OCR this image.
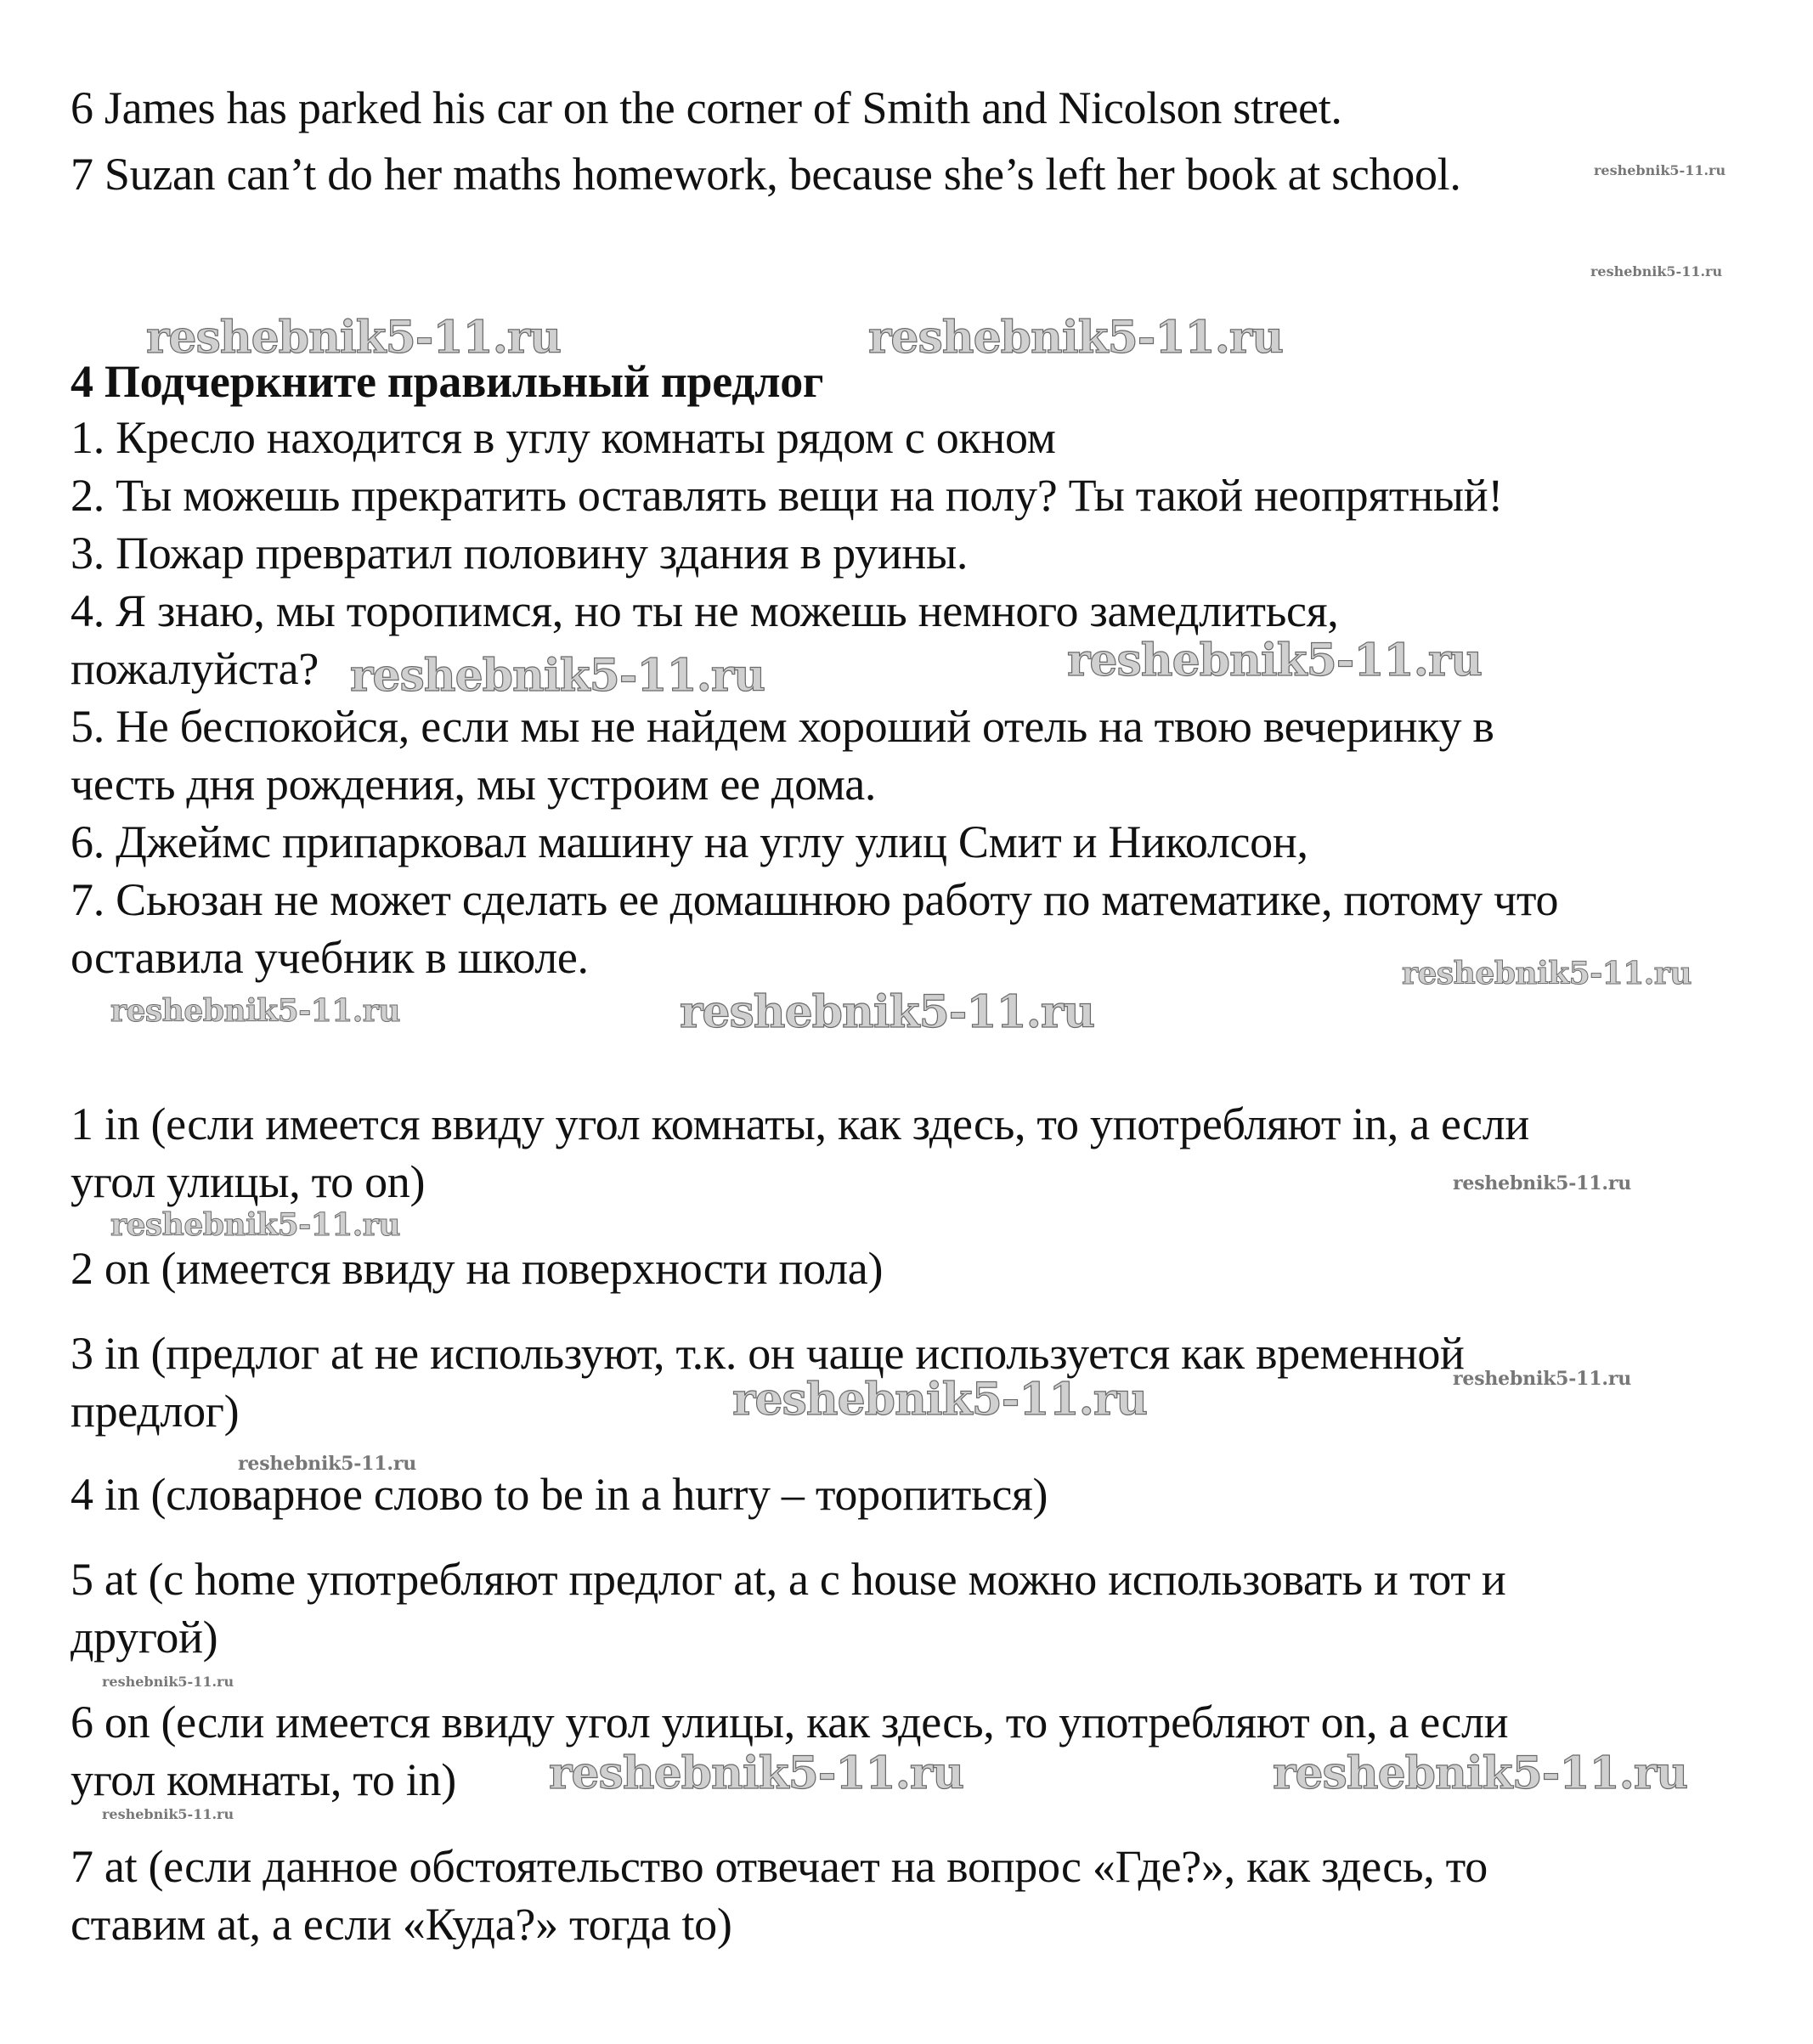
6 James has parked his car on the corner of Smith and Nicolson street.
7 Suzan can’t do her maths homework, because she’s left her book at school.
4 Подчеркните правильный предлог
1. Кресло находится в углу комнаты рядом с окном
2. Ты можешь прекратить оставлять вещи на полу? Ты такой неопрятный!
3. Пожар превратил половину здания в руины.
4. Я знаю, мы торопимся, но ты не можешь немного замедлиться,
пожалуйста?
5. Не беспокойся, если мы не найдем хороший отель на твою вечеринку в
честь дня рождения, мы устроим ее дома.
6. Джеймс припарковал машину на углу улиц Смит и Николсон,
7. Сьюзан не может сделать ее домашнюю работу по математике, потому что
оставила учебник в школе.
1 in (если имеется ввиду угол комнаты, как здесь, то употребляют in, а если
угол улицы, то on)
2 on (имеется ввиду на поверхности пола)
3 in (предлог at не используют, т.к. он чаще используется как временной
предлог)
4 in (словарное слово to be in a hurry – торопиться)
5 at (с home употребляют предлог at, а с house можно использовать и тот и
другой)
6 on (если имеется ввиду угол улицы, как здесь, то употребляют on, а если
угол комнаты, то in)
7 at (если данное обстоятельство отвечает на вопрос «Где?», как здесь, то
ставим at, а если «Куда?» тогда to)
reshebnik5-11.ru
reshebnik5-11.ru
reshebnik5-11.ru	reshebnik5-11.ru
reshebnik5-11.ru	reshebnik5-11.ru
reshebnik5-11.ru
reshebnik5-11.ru	reshebnik5-11.ru
reshebnik5-11.ru
reshebnik5-11.ru
reshebnik5-11.ru
reshebnik5-11.ru
reshebnik5-11.ru
reshebnik5-11.ru
reshebnik5-11.ru	reshebnik5-11.ru
reshebnik5-11.ru
